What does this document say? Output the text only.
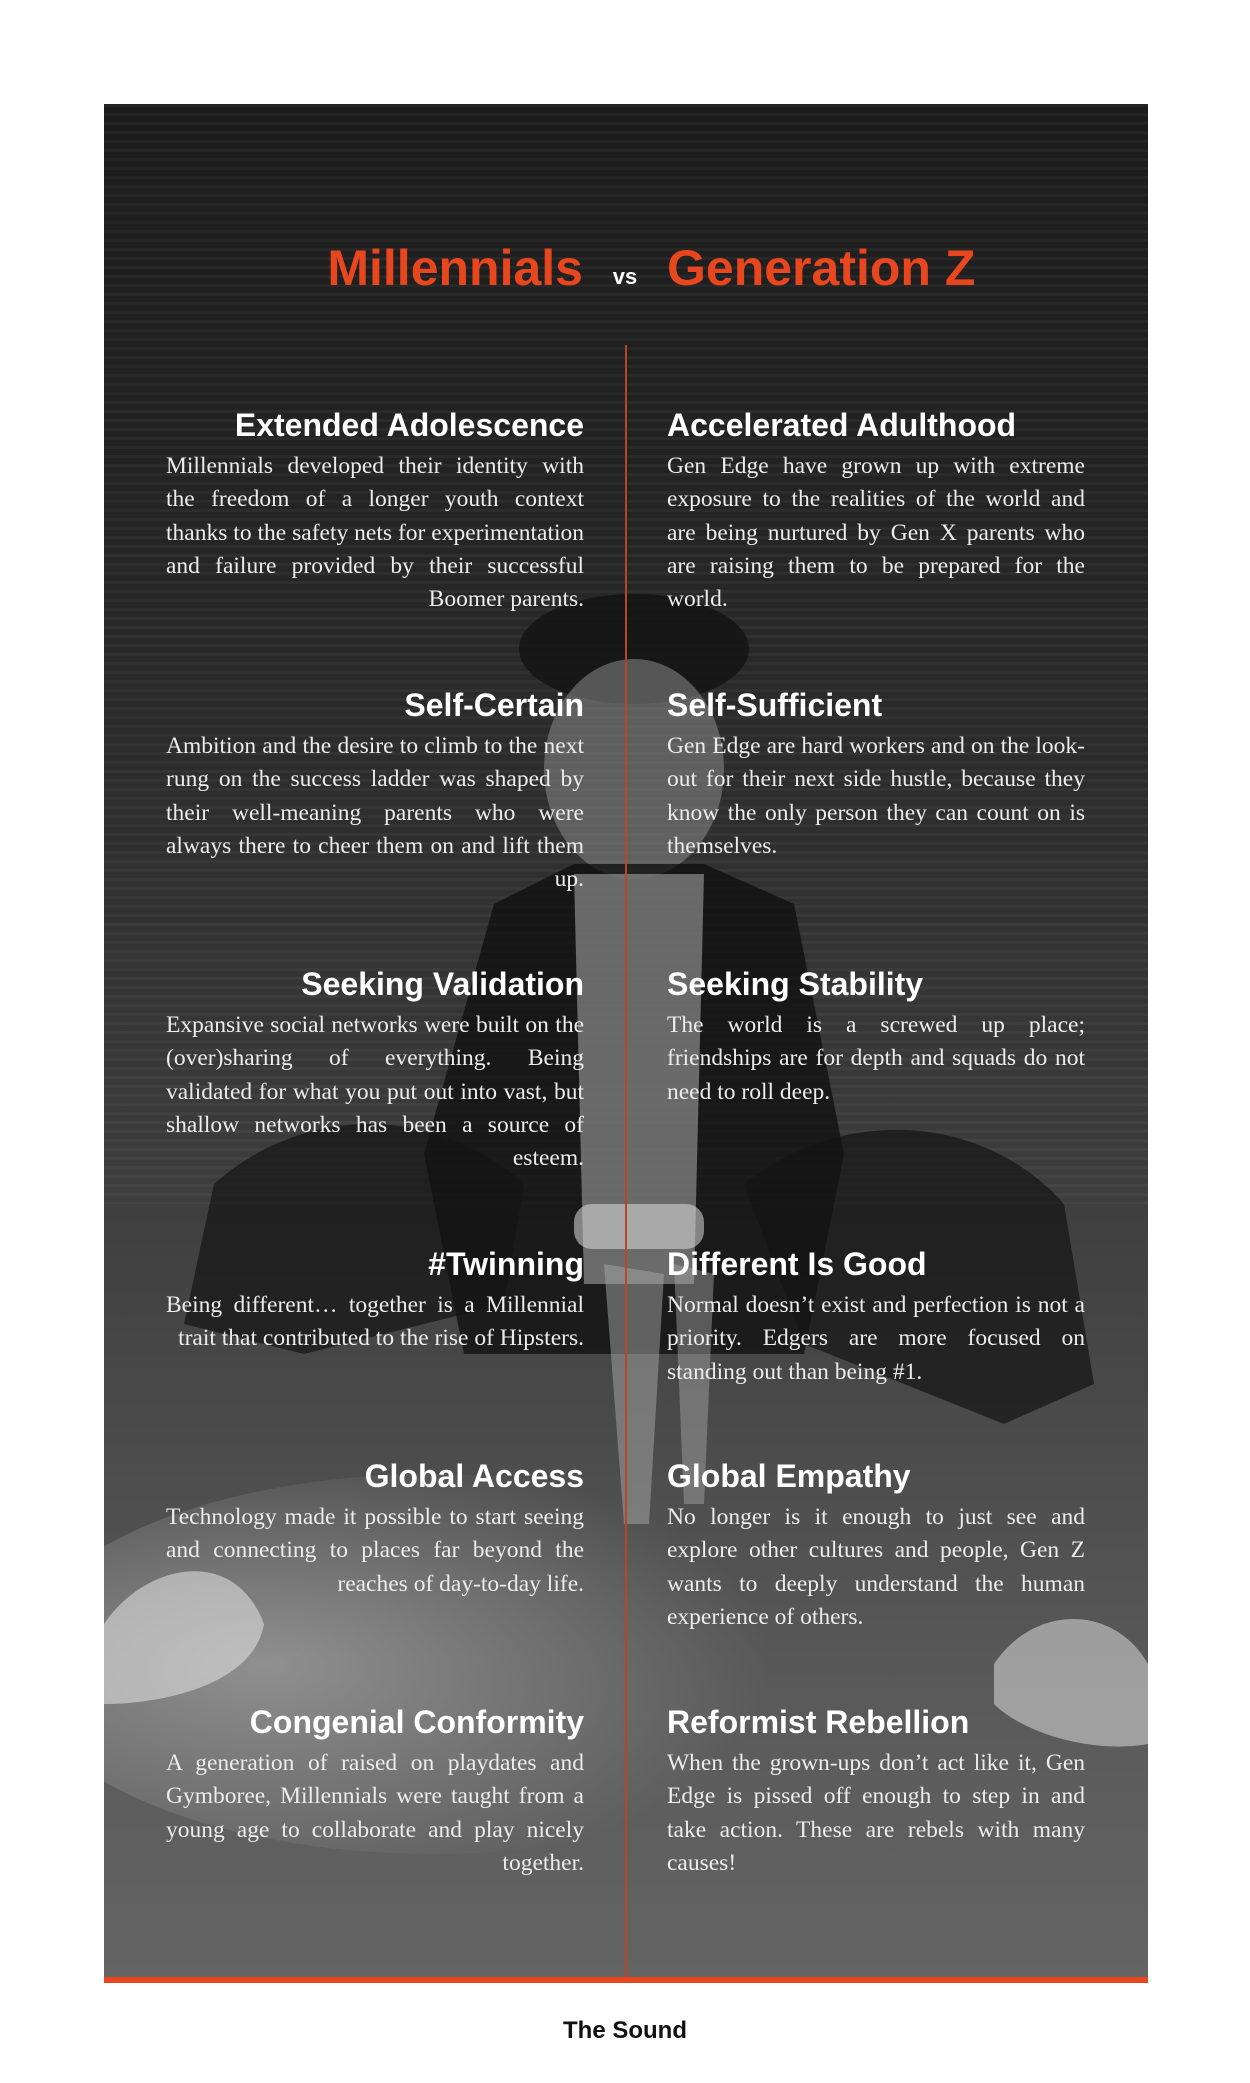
Millennials	vs Generation Z
Extended Adolescence

Millennials developed their identity with the freedom of a longer youth context thanks to the safety nets for experimentation and failure provided by their successful Boomer parents.

Accelerated Adulthood

Gen Edge have grown up with extreme exposure to the realities of the world and are being nurtured by Gen X parents who are raising them to be prepared for the world.

Self-Certain

Ambition and the desire to climb to the next rung on the success ladder was shaped by their well-meaning parents who were always there to cheer them on and lift them up.

Self-Sufficient

Gen Edge are hard workers and on the look-out for their next side hustle, because they know the only person they can count on is themselves.

Seeking Validation

Expansive social networks were built on the (over)sharing of everything. Being validated for what you put out into vast, but shallow networks has been a source of esteem.

Seeking Stability

The world is a screwed up place; friendships are for depth and squads do not need to roll deep.

#Twinning

Being different… together is a Millennial trait that contributed to the rise of Hipsters.

Different Is Good

Normal doesn’t exist and perfection is not a priority. Edgers are more focused on standing out than being #1.

Global Access

Technology made it possible to start seeing and connecting to places far beyond the reaches of day-to-day life.

Global Empathy

No longer is it enough to just see and explore other cultures and people, Gen Z wants to deeply understand the human experience of others.

Congenial Conformity

A generation of raised on playdates and Gymboree, Millennials were taught from a young age to collaborate and play nicely together.

Reformist Rebellion

When the grown-ups don’t act like it, Gen Edge is pissed off enough to step in and take action. These are rebels with many causes!

The Sound
